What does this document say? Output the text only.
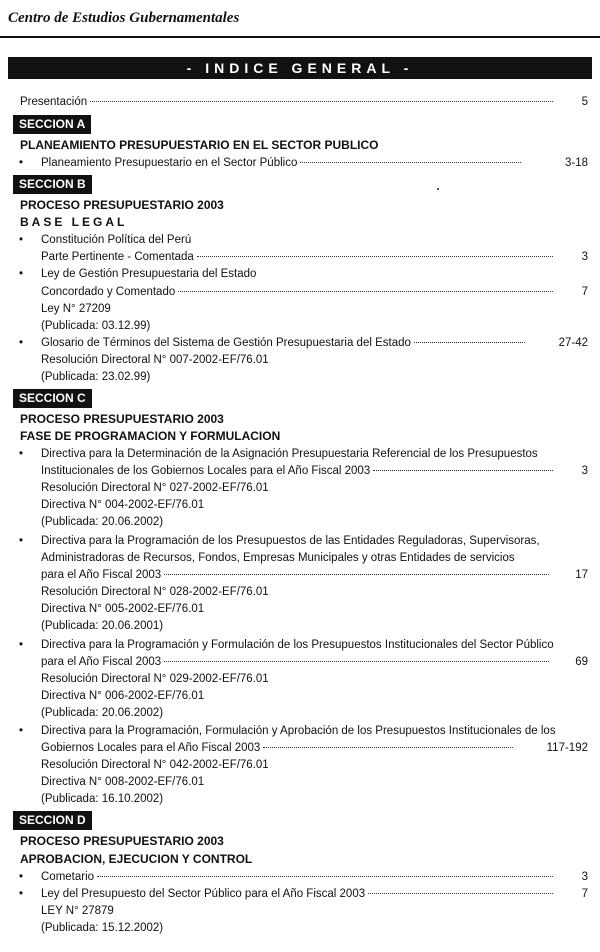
Centro de Estudios Gubernamentales
- INDICE GENERAL -
Presentación	5
SECCION A
PLANEAMIENTO PRESUPUESTARIO EN EL SECTOR PUBLICO
• Planeamiento Presupuestario en el Sector Público	3-18
SECCION B
PROCESO PRESUPUESTARIO 2003
BASE LEGAL
• Constitución Política del Perú
Parte Pertinente - Comentada	3
• Ley de Gestión Presupuestaria del Estado
Concordado y Comentado	7
Ley N° 27209
(Publicada: 03.12.99)
• Glosario de Términos del Sistema de Gestión Presupuestaria del Estado	27-42
Resolución Directoral N° 007-2002-EF/76.01
(Publicada: 23.02.99)
SECCION C
PROCESO PRESUPUESTARIO 2003
FASE DE PROGRAMACION Y FORMULACION
• Directiva para la Determinación de la Asignación Presupuestaria Referencial de los Presupuestos
Institucionales de los Gobiernos Locales para el Año Fiscal 2003	3
Resolución Directoral N° 027-2002-EF/76.01
Directiva N° 004-2002-EF/76.01
(Publicada: 20.06.2002)
• Directiva para la Programación de los Presupuestos de las Entidades Reguladoras, Supervisoras,
Administradoras de Recursos, Fondos, Empresas Municipales y otras Entidades de servicios
para el Año Fiscal 2003	17
Resolución Directoral N° 028-2002-EF/76.01
Directiva N° 005-2002-EF/76.01
(Publicada: 20.06.2001)
• Directiva para la Programación y Formulación de los Presupuestos Institucionales del Sector Público
para el Año Fiscal 2003	69
Resolución Directoral N° 029-2002-EF/76.01
Directiva N° 006-2002-EF/76.01
(Publicada: 20.06.2002)
• Directiva para la Programación, Formulación y Aprobación de los Presupuestos Institucionales de los
Gobiernos Locales para el Año Fiscal 2003	117-192
Resolución Directoral N° 042-2002-EF/76.01
Directiva N° 008-2002-EF/76.01
(Publicada: 16.10.2002)
SECCION D
PROCESO PRESUPUESTARIO 2003
APROBACION, EJECUCION Y CONTROL
• Cometario	3
• Ley del Presupuesto del Sector Público para el Año Fiscal 2003	7
LEY N° 27879
(Publicada: 15.12.2002)
